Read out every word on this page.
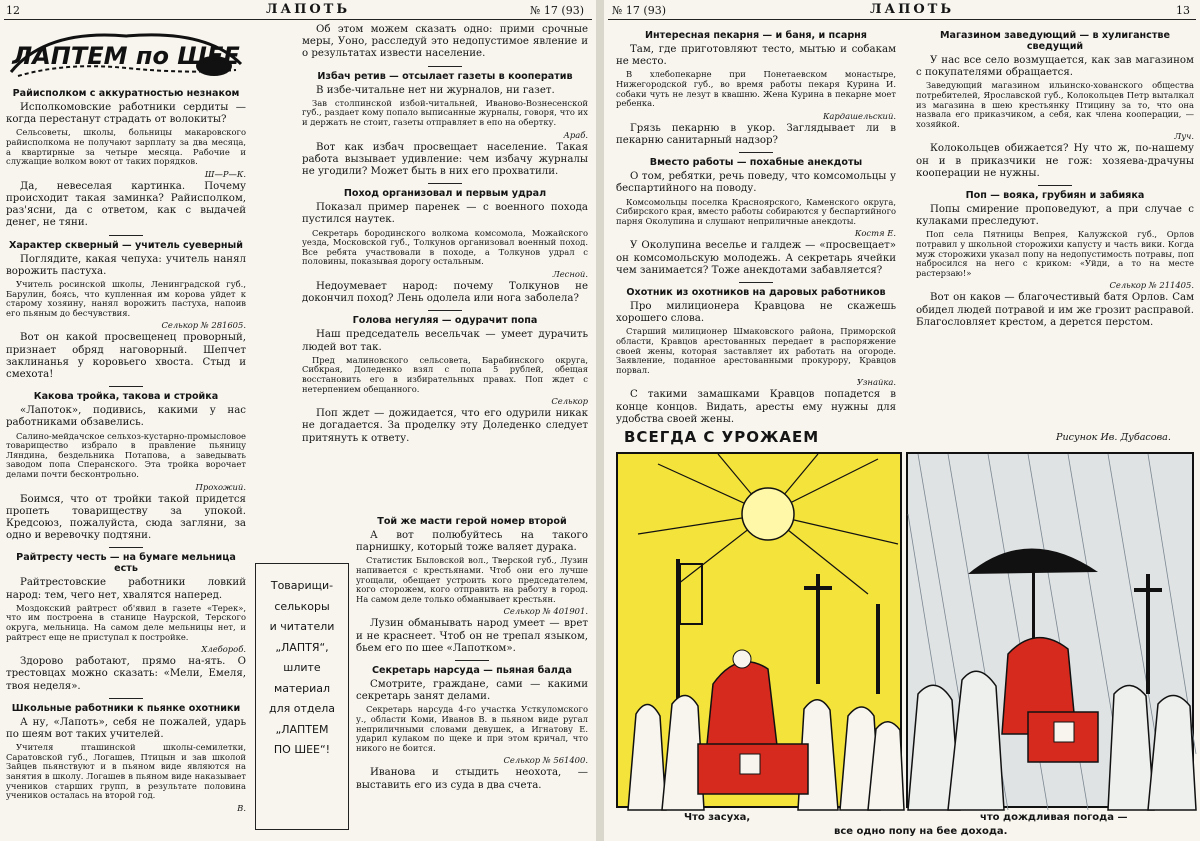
12	ЛАПОТЬ	№ 17 (93)
ЛАПТЕМ по ШЕЕ
Райисполком с аккуратностью незнаком

Исполкомовские работники сердиты — когда перестанут страдать от волокиты?

Сельсоветы, школы, больницы макаровского райисполкома не получают зарплату за два месяца, а квартирные за четыре месяца. Рабочие и служащие волком воют от таких порядков.

Ш—Р—К.

Да, невеселая картинка. Почему происходит такая заминка? Райисполком, раз'ясни, да с ответом, как с выдачей денег, не тяни.

Характер скверный — учитель суеверный

Поглядите, какая чепуха: учитель нанял ворожить пастуха.

Учитель росинской школы, Ленинградской губ., Барулин, боясь, что купленная им корова уйдет к старому хозяину, нанял ворожить пастуха, напоив его пьяным до бесчувствия.

Селькор № 281605.

Вот он какой просвещенец проворный, признает обряд наговорный. Шепчет заклинанья у коровьего хвоста. Стыд и смехота!

Какова тройка, такова и стройка

«Лапоток», подивись, какими у нас работниками обзавелись.

Салино-мейдачское сельхоз-кустарно-промысловое товарищество избрало в правление пьяницу Ляндина, бездельника Потапова, а заведывать заводом попа Сперанского. Эта тройка ворочает делами почти бесконтрольно.

Прохожий.

Боимся, что от тройки такой придется пропеть товариществу за упокой. Кредсоюз, пожалуйста, сюда загляни, за одно и веревочку подтяни.

Райтресту честь — на бумаге мельница есть

Райтрестовские работники ловкий народ: тем, чего нет, хвалятся наперед.

Моздокский райтрест об'явил в газете «Терек», что им построена в станице Наурской, Терского округа, мельница. На самом деле мельницы нет, и райтрест еще не приступал к постройке.

Хлебороб.

Здорово работают, прямо на-ять. О трестовцах можно сказать: «Мели, Емеля, твоя неделя».

Школьные работники к пьянке охотники

А ну, «Лапоть», себя не пожалей, ударь по шеям вот таких учителей.

Учителя пташинской школы-семилетки, Саратовской губ., Логашев, Птицын и зав школой Зайцев пьянствуют и в пьяном виде являются на занятия в школу. Логашев в пьяном виде наказывает учеников старших групп, в результате половина учеников осталась на второй год.

В.

Об этом можем сказать одно: прими срочные меры, Уоно, расследуй это недопустимое явление и о результатах извести население.

Избач ретив — отсылает газеты в кооператив

В избе-читальне нет ни журналов, ни газет.

Зав столпинской избой-читальней, Иваново-Вознесенской губ., раздает кому попало выписанные журналы, говоря, что их и держать не стоит, газеты отправляет в епо на обертку.

Араб.

Вот как избач просвещает население. Такая работа вызывает удивление: чем избачу журналы не угодили? Может быть в них его прохватили.

Поход организовал и первым удрал

Показал пример паренек — с военного похода пустился наутек.

Секретарь бородинского волкома комсомола, Можайского уезда, Московской губ., Толкунов организовал военный поход. Все ребята участвовали в походе, а Толкунов удрал с половины, показывая дорогу остальным.

Лесной.

Недоумевает народ: почему Толкунов не докончил поход? Лень одолела или нога заболела?

Голова негуляя — одурачит попа

Наш председатель весельчак — умеет дурачить людей вот так.

Пред малиновского сельсовета, Барабинского округа, Сибкрая, Доледенко взял с попа 5 рублей, обещая восстановить его в избирательных правах. Поп ждет с нетерпением обещанного.

Селькор

Поп ждет — дожидается, что его одурили никак не догадается. За проделку эту Доледенко следует притянуть к ответу.

Товарищи-
селькоры
и читатели
„ЛАПТЯ“,
шлите
материал
для отдела
„ЛАПТЕМ
ПО ШЕЕ“!
Той же масти герой номер второй

А вот полюбуйтесь на такого парнишку, который тоже валяет дурака.

Статистик Быловской вол., Тверской губ., Лузин напивается с крестьянами. Чтоб они его лучше угощали, обещает устроить кого председателем, кого сторожем, кого отправить на работу в город. На самом деле только обманывает крестьян.

Селькор № 401901.

Лузин обманывать народ умеет — врет и не краснеет. Чтоб он не трепал языком, бьем его по шее «Лапотком».

Секретарь нарсуда — пьяная балда

Смотрите, граждане, сами — какими секретарь занят делами.

Секретарь нарсуда 4-го участка Усткуломского у., области Коми, Иванов В. в пьяном виде ругал неприличными словами девушек, а Игнатову Е. ударил кулаком по щеке и при этом кричал, что никого не боится.

Селькор № 561400.

Иванова и стыдить неохота, — выставить его из суда в два счета.

№ 17 (93)	ЛАПОТЬ	13
Интересная пекарня — и баня, и псарня

Там, где приготовляют тесто, мытью и собакам не место.

В хлебопекарне при Понетаевском монастыре, Нижегородской губ., во время работы пекаря Курина И. собаки чуть не лезут в квашню. Жена Курина в пекарне моет ребенка.

Кардашельский.

Грязь пекарню в укор. Заглядывает ли в пекарню санитарный надзор?

Вместо работы — похабные анекдоты

О том, ребятки, речь поведу, что комсомольцы у беспартийного на поводу.

Комсомольцы поселка Красноярского, Каменского округа, Сибирского края, вместо работы собираются у беспартийного парня Околупина и слушают неприличные анекдоты.

Костя Е.

У Околупина веселье и галдеж — «просвещает» он комсомольскую молодежь. А секретарь ячейки чем занимается? Тоже анекдотами забавляется?

Охотник из охотников на даровых работников

Про милиционера Кравцова не скажешь хорошего слова.

Старший милиционер Шмаковского района, Приморской области, Кравцов арестованных передает в распоряжение своей жены, которая заставляет их работать на огороде. Заявление, поданное арестованными прокурору, Кравцов порвал.

Узнайка.

С такими замашками Кравцов попадется в конце концов. Видать, аресты ему нужны для удобства своей жены.

Магазином заведующий — в хулиганстве сведущий

У нас все село возмущается, как зав магазином с покупателями обращается.

Заведующий магазином ильинско-хованского общества потребителей, Ярославской губ., Колокольцев Петр выталкал из магазина в шею крестьянку Птицину за то, что она назвала его приказчиком, а себя, как члена кооперации, — хозяйкой.

Луч.

Колокольцев обижается? Ну что ж, по-нашему он и в приказчики не гож: хозяева-драчуны кооперации не нужны.

Поп — вояка, грубиян и забияка

Попы смирение проповедуют, а при случае с кулаками преследуют.

Поп села Пятницы Вепрея, Калужской губ., Орлов потравил у школьной сторожихи капусту и часть вики. Когда муж сторожихи указал попу на недопустимость потравы, поп набросился на него с криком: «Уйди, а то на месте растерзаю!»

Селькор № 211405.

Вот он каков — благочестивый батя Орлов. Сам обидел людей потравой и им же грозит расправой. Благословляет крестом, а дерется перстом.

ВСЕГДА С УРОЖАЕМ	Рисунок Ив. Дубасова.
Что засуха,	что дождливая погода —
все одно попу на бее дохода.
